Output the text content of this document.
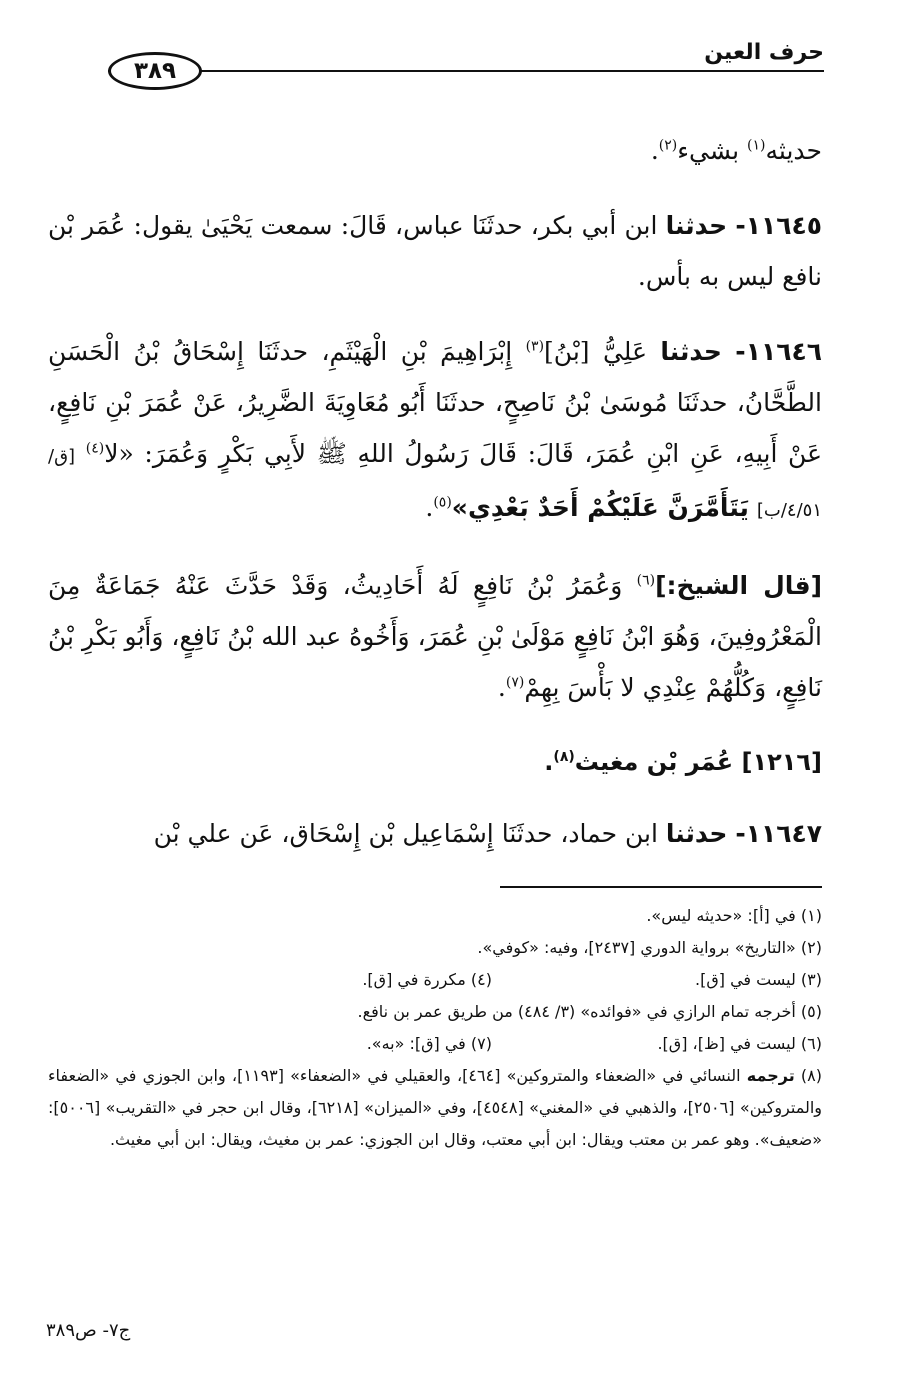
٣٨٩
حرف العين

حديثه$^{(١)}$ بشيء$^{(٢)}$.

١١٦٤٥- حدثنا ابن أبي بكر، حدثَنَا عباس، قَالَ: سمعت يَحْيَىٰ يقول: عُمَر بْن نافع ليس به بأس.

١١٦٤٦- حدثنا عَلِيُّ [بْنُ]$^{(٣)}$ إِبْرَاهِيمَ بْنِ الْهَيْثَمِ، حدثَنَا إِسْحَاقُ بْنُ الْحَسَنِ الطَّحَّانُ، حدثَنَا مُوسَىٰ بْنُ نَاصِحٍ، حدثَنَا أَبُو مُعَاوِيَةَ الضَّرِيرُ، عَنْ عُمَرَ بْنِ نَافِعٍ، عَنْ أَبِيهِ، عَنِ ابْنِ عُمَرَ، قَالَ: قَالَ رَسُولُ اللهِ ﷺ لأَبِي بَكْرٍ وَعُمَرَ: «لا$^{(٤)}$ [ق/٤/٥١/ب] يَتَأَمَّرَنَّ عَلَيْكُمْ أَحَدٌ بَعْدِي»$^{(٥)}$.

[قال الشيخ:]$^{(٦)}$ وَعُمَرُ بْنُ نَافِعٍ لَهُ أَحَادِيثُ، وَقَدْ حَدَّثَ عَنْهُ جَمَاعَةٌ مِنَ الْمَعْرُوفِينَ، وَهُوَ ابْنُ نَافِعٍ مَوْلَىٰ بْنِ عُمَرَ، وَأَخُوهُ عبد الله بْنُ نَافِعٍ، وَأَبُو بَكْرِ بْنُ نَافِعٍ، وَكُلُّهُمْ عِنْدِي لا بَأْسَ بِهِمْ$^{(٧)}$.

[١٢١٦] عُمَر بْن مغيث$^{(٨)}$.

١١٦٤٧- حدثنا ابن حماد، حدثَنَا إِسْمَاعِيل بْن إِسْحَاق، عَن علي بْن

(١) في [أ]: «حديثه ليس».

(٢) «التاريخ» برواية الدوري [٢٤٣٧]، وفيه: «كوفي».

(٣) ليست في [ق].

(٤) مكررة في [ق].

(٥) أخرجه تمام الرازي في «فوائده» (٣/ ٤٨٤) من طريق عمر بن نافع.

(٦) ليست في [ظ]، [ق].

(٧) في [ق]: «به».

(٨) ترجمه النسائي في «الضعفاء والمتروكين» [٤٦٤]، والعقيلي في «الضعفاء» [١١٩٣]، وابن الجوزي في «الضعفاء والمتروكين» [٢٥٠٦]، والذهبي في «المغني» [٤٥٤٨]، وفي «الميزان» [٦٢١٨]، وقال ابن حجر في «التقريب» [٥٠٠٦]: «ضعيف». وهو عمر بن معتب ويقال: ابن أبي معتب، وقال ابن الجوزي: عمر بن مغيث، ويقال: ابن أبي مغيث.

ج٧- ص٣٨٩
